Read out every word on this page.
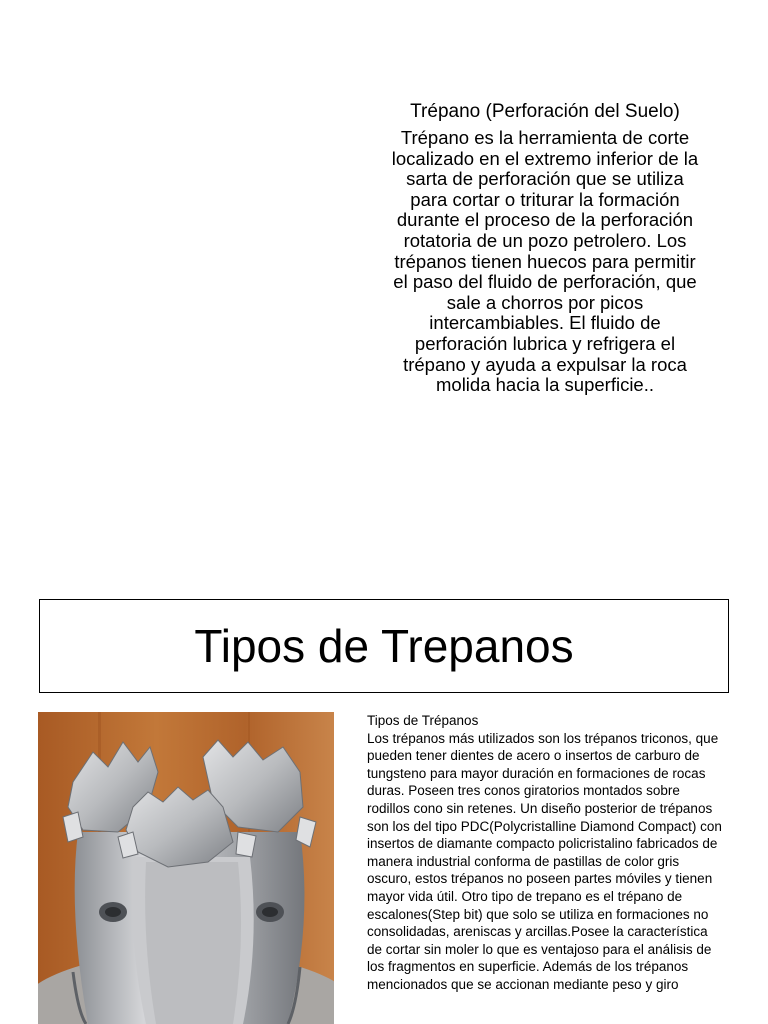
Trépano (Perforación del Suelo)

Trépano es la herramienta de corte localizado en el extremo inferior de la sarta de perforación que se utiliza para cortar o triturar la formación durante el proceso de la perforación rotatoria de un pozo petrolero. Los trépanos tienen huecos para permitir el paso del fluido de perforación, que sale a chorros por picos intercambiables. El fluido de perforación lubrica y refrigera el trépano y ayuda a expulsar la roca molida hacia la superficie..

Tipos de Trepanos

Tipos de Trépanos

Los trépanos más utilizados son los trépanos triconos, que pueden tener dientes de acero o insertos de carburo de tungsteno para mayor duración en formaciones de rocas duras. Poseen tres conos giratorios montados sobre rodillos cono sin retenes. Un diseño posterior de trépanos son los del tipo PDC(Polycristalline Diamond Compact) con insertos de diamante compacto policristalino fabricados de manera industrial conforma de pastillas de color gris oscuro, estos trépanos no poseen partes móviles y tienen mayor vida útil. Otro tipo de trepano es el trépano de escalones(Step bit) que solo se utiliza en formaciones no consolidadas, areniscas y arcillas.Posee la característica de cortar sin moler lo que es ventajoso para el análisis de los fragmentos en superficie. Además de los trépanos mencionados que se accionan mediante peso y giro
